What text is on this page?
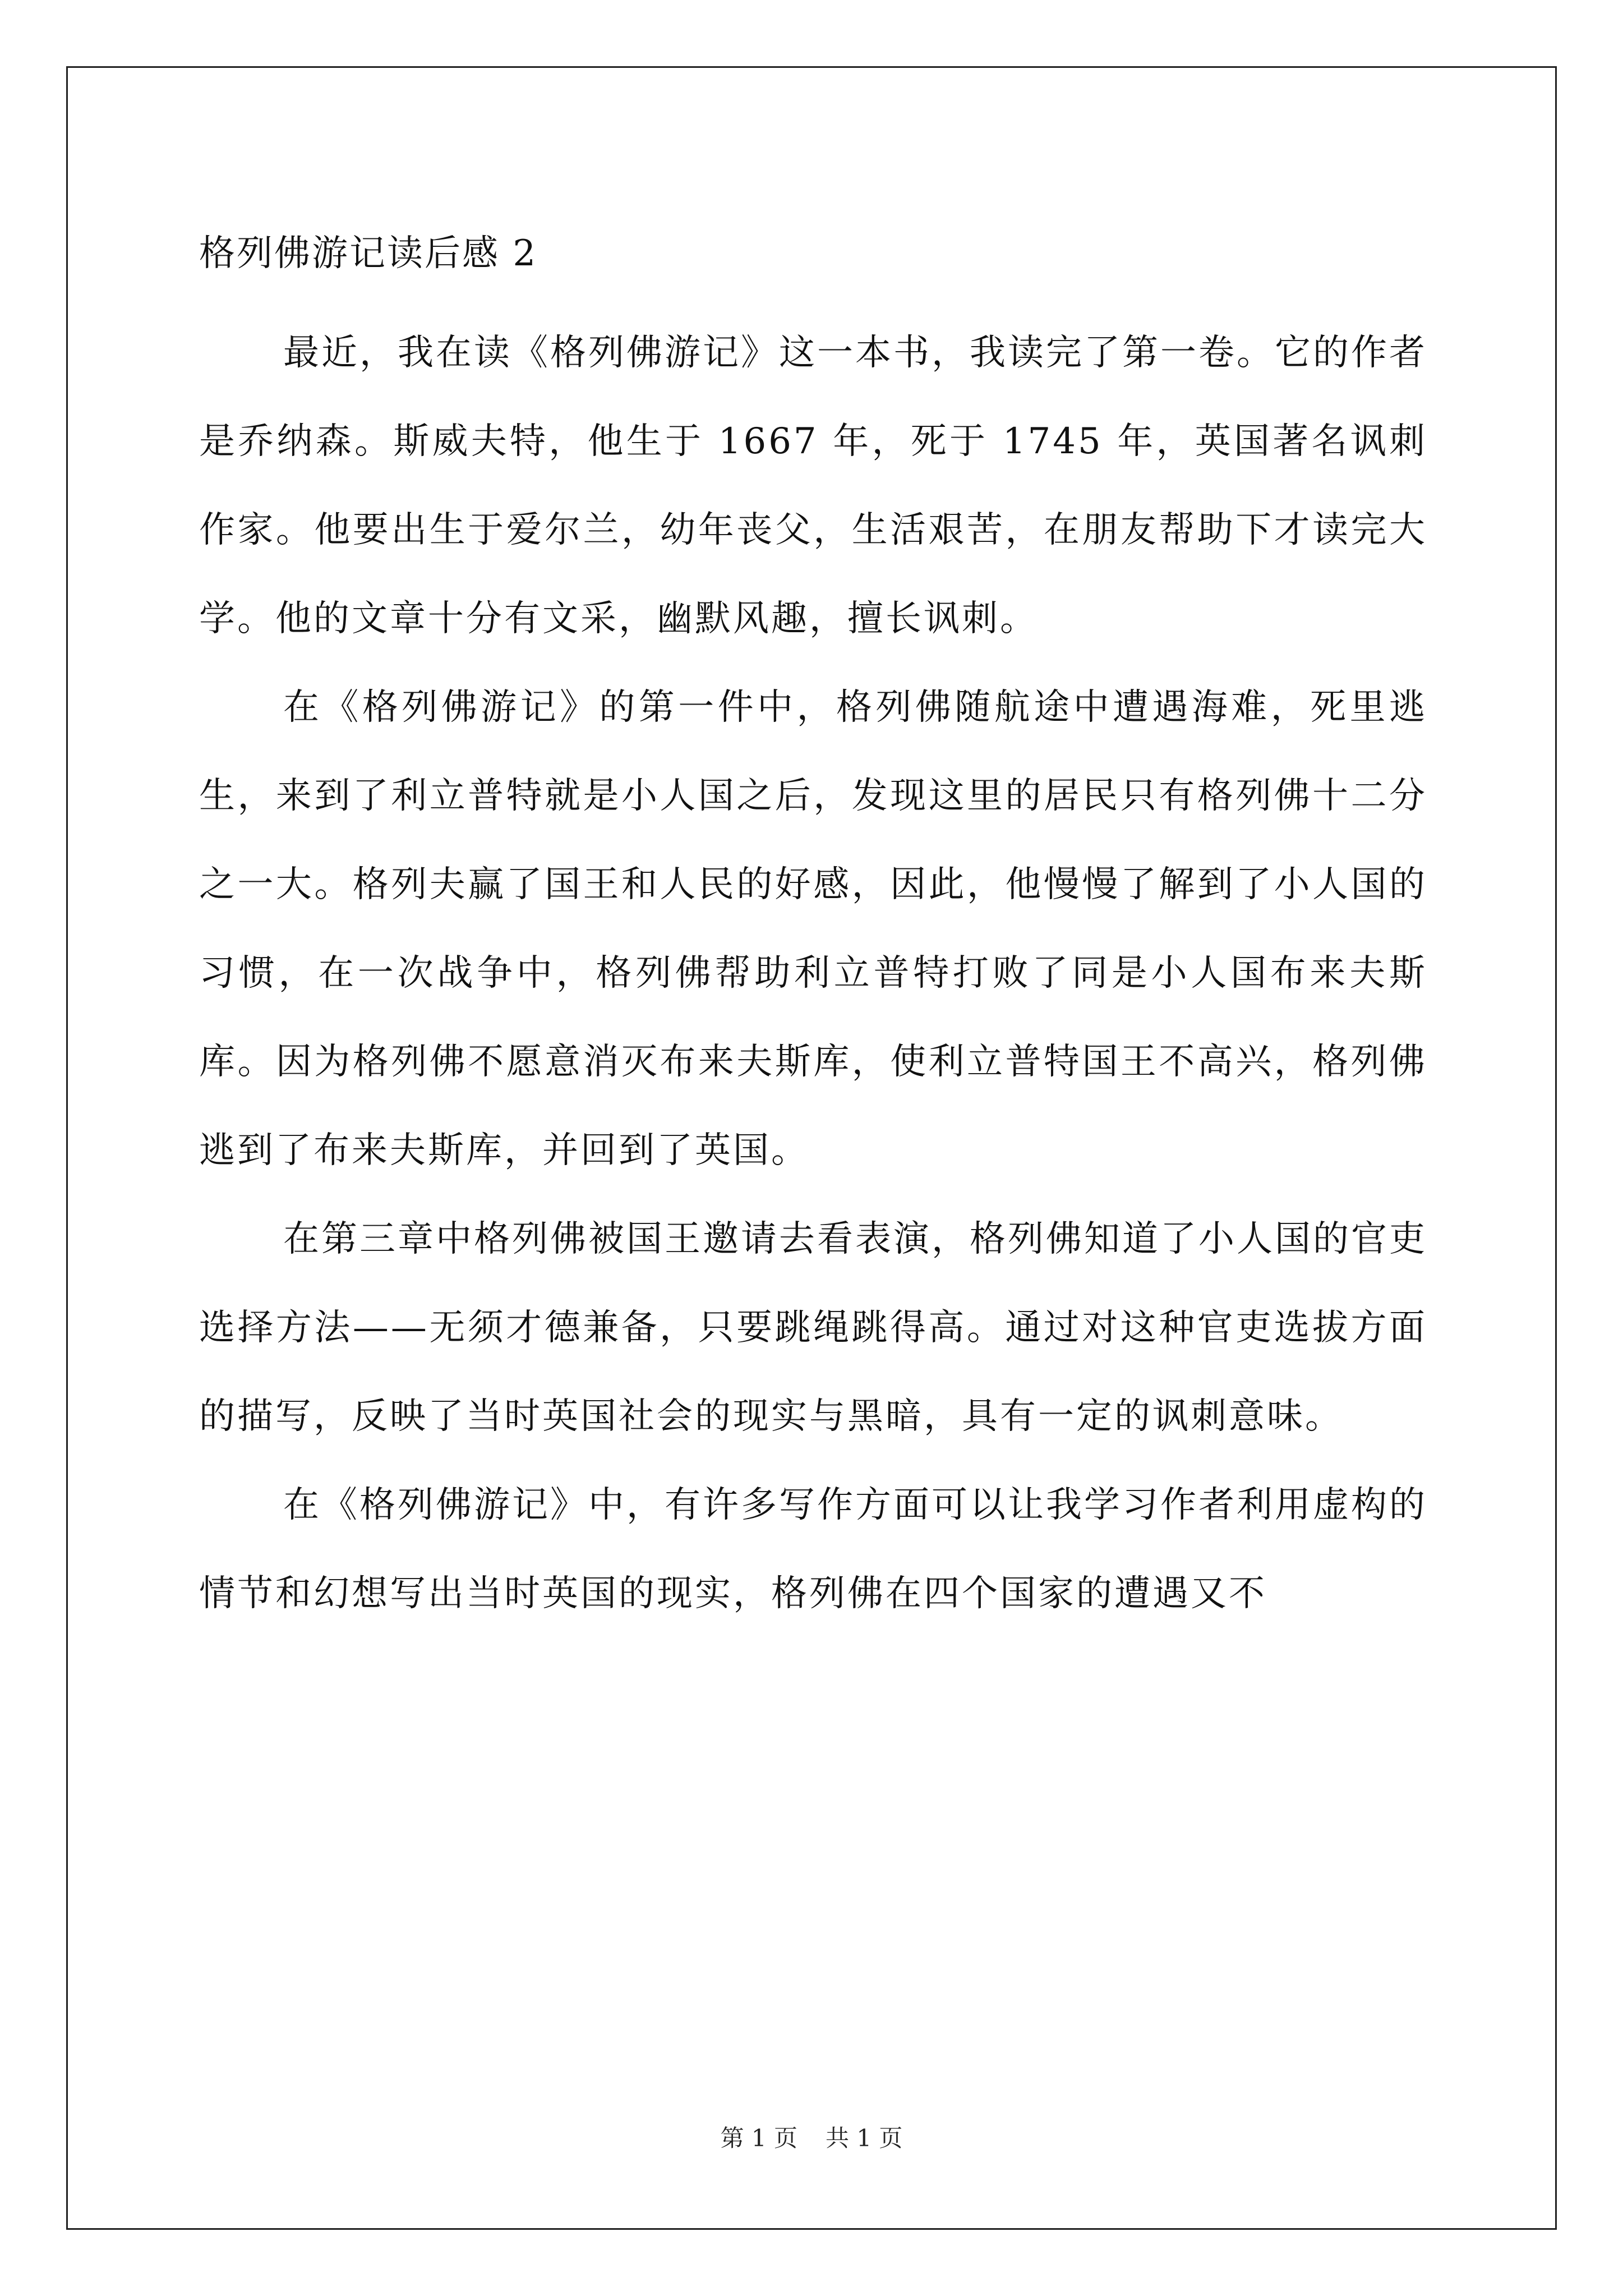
格列佛游记读后感 2

最近，我在读《格列佛游记》这一本书，我读完了第一卷。它的作者是乔纳森。斯威夫特，他生于 1667 年，死于 1745 年，英国著名讽刺作家。他要出生于爱尔兰，幼年丧父，生活艰苦，在朋友帮助下才读完大学。他的文章十分有文采，幽默风趣，擅长讽刺。

在《格列佛游记》的第一件中，格列佛随航途中遭遇海难，死里逃生，来到了利立普特就是小人国之后，发现这里的居民只有格列佛十二分之一大。格列夫赢了国王和人民的好感，因此，他慢慢了解到了小人国的习惯，在一次战争中，格列佛帮助利立普特打败了同是小人国布来夫斯库。因为格列佛不愿意消灭布来夫斯库，使利立普特国王不高兴，格列佛逃到了布来夫斯库，并回到了英国。

在第三章中格列佛被国王邀请去看表演，格列佛知道了小人国的官吏选择方法——无须才德兼备，只要跳绳跳得高。通过对这种官吏选拔方面的描写，反映了当时英国社会的现实与黑暗，具有一定的讽刺意味。

在《格列佛游记》中，有许多写作方面可以让我学习作者利用虚构的情节和幻想写出当时英国的现实，格列佛在四个国家的遭遇又不

第 1 页 共 1 页
